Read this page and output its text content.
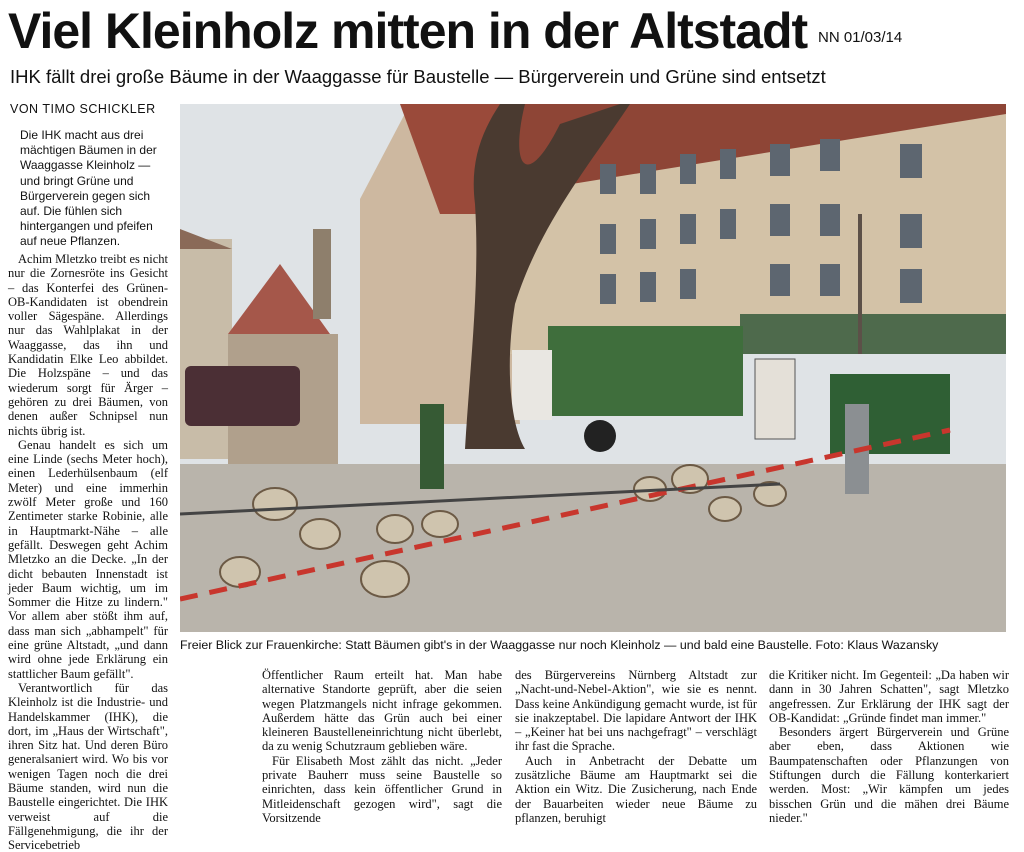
Viel Kleinholz mitten in der Altstadt NN 01/03/14
IHK fällt drei große Bäume in der Waaggasse für Baustelle — Bürgerverein und Grüne sind entsetzt
VON TIMO SCHICKLER
Die IHK macht aus drei mächtigen Bäumen in der Waaggasse Kleinholz — und bringt Grüne und Bürgerverein gegen sich auf. Die fühlen sich hintergangen und pfeifen auf neue Pflanzen.
Freier Blick zur Frauenkirche: Statt Bäumen gibt's in der Waaggasse nur noch Kleinholz — und bald eine Baustelle. Foto: Klaus Wazansky

Achim Mletzko treibt es nicht nur die Zornesröte ins Gesicht – das Konterfei des Grünen-OB-Kandidaten ist obendrein voller Sägespäne. Allerdings nur das Wahlplakat in der Waaggasse, das ihn und Kandidatin Elke Leo abbildet. Die Holzspäne – und das wiederum sorgt für Ärger – gehören zu drei Bäumen, von denen außer Schnipsel nun nichts übrig ist.

Genau handelt es sich um eine Linde (sechs Meter hoch), einen Lederhülsenbaum (elf Meter) und eine immerhin zwölf Meter große und 160 Zentimeter starke Robinie, alle in Hauptmarkt-Nähe – alle gefällt. Deswegen geht Achim Mletzko an die Decke. „In der dicht bebauten Innenstadt ist jeder Baum wichtig, um im Sommer die Hitze zu lindern." Vor allem aber stößt ihm auf, dass man sich „abhampelt" für eine grüne Altstadt, „und dann wird ohne jede Erklärung ein stattlicher Baum gefällt".

Verantwortlich für das Kleinholz ist die Industrie- und Handelskammer (IHK), die dort, im „Haus der Wirtschaft", ihren Sitz hat. Und deren Büro generalsaniert wird. Wo bis vor wenigen Tagen noch die drei Bäume standen, wird nun die Baustelle eingerichtet. Die IHK verweist auf die Fällgenehmigung, die ihr der Servicebetrieb

Öffentlicher Raum erteilt hat. Man habe alternative Standorte geprüft, aber die seien wegen Platzmangels nicht infrage gekommen. Außerdem hätte das Grün auch bei einer kleineren Baustelleneinrichtung nicht überlebt, da zu wenig Schutzraum geblieben wäre.

Für Elisabeth Most zählt das nicht. „Jeder private Bauherr muss seine Baustelle so einrichten, dass kein öffentlicher Grund in Mitleidenschaft gezogen wird", sagt die Vorsitzende

des Bürgervereins Nürnberg Altstadt zur „Nacht-und-Nebel-Aktion", wie sie es nennt. Dass keine Ankündigung gemacht wurde, ist für sie inakzeptabel. Die lapidare Antwort der IHK – „Keiner hat bei uns nachgefragt" – verschlägt ihr fast die Sprache.

Auch in Anbetracht der Debatte um zusätzliche Bäume am Hauptmarkt sei die Aktion ein Witz. Die Zusicherung, nach Ende der Bauarbeiten wieder neue Bäume zu pflanzen, beruhigt

die Kritiker nicht. Im Gegenteil: „Da haben wir dann in 30 Jahren Schatten", sagt Mletzko angefressen. Zur Erklärung der IHK sagt der OB-Kandidat: „Gründe findet man immer."

Besonders ärgert Bürgerverein und Grüne aber eben, dass Aktionen wie Baumpatenschaften oder Pflanzungen von Stiftungen durch die Fällung konterkariert werden. Most: „Wir kämpfen um jedes bisschen Grün und die mähen drei Bäume nieder."
